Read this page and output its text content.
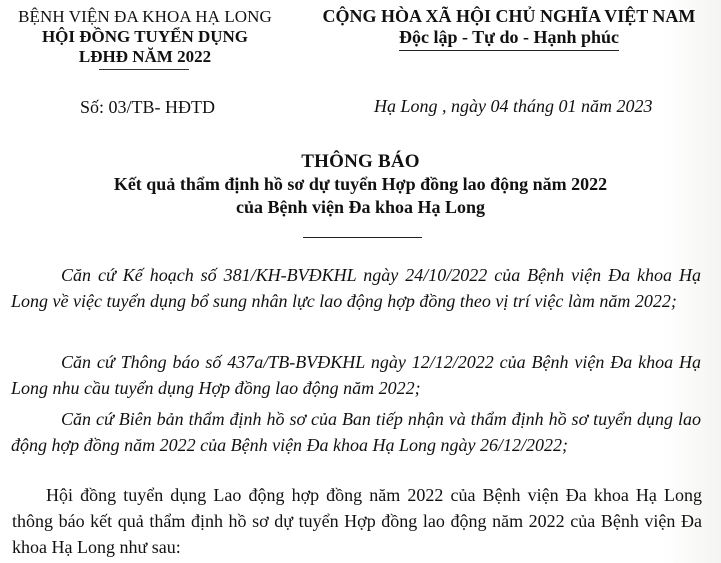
BỆNH VIỆN ĐA KHOA HẠ LONG
HỘI ĐỒNG TUYỂN DỤNG
LĐHĐ NĂM 2022
CỘNG HÒA XÃ HỘI CHỦ NGHĨA VIỆT NAM
Độc lập - Tự do - Hạnh phúc
Số: 03/TB- HĐTD	Hạ Long , ngày 04 tháng 01 năm 2023
THÔNG BÁO
Kết quả thẩm định hồ sơ dự tuyển Hợp đồng lao động năm 2022
của Bệnh viện Đa khoa Hạ Long
Căn cứ Kế hoạch số 381/KH-BVĐKHL ngày 24/10/2022 của Bệnh viện Đa khoa Hạ Long về việc tuyển dụng bổ sung nhân lực lao động hợp đồng theo vị trí việc làm năm 2022;
Căn cứ Thông báo số 437a/TB-BVĐKHL ngày 12/12/2022 của Bệnh viện Đa khoa Hạ Long nhu cầu tuyển dụng Hợp đồng lao động năm 2022;
Căn cứ Biên bản thẩm định hồ sơ của Ban tiếp nhận và thẩm định hồ sơ tuyển dụng lao động hợp đồng năm 2022 của Bệnh viện Đa khoa Hạ Long ngày 26/12/2022;
Hội đồng tuyển dụng Lao động hợp đồng năm 2022 của Bệnh viện Đa khoa Hạ Long thông báo kết quả thẩm định hồ sơ dự tuyển Hợp đồng lao động năm 2022 của Bệnh viện Đa khoa Hạ Long như sau:
